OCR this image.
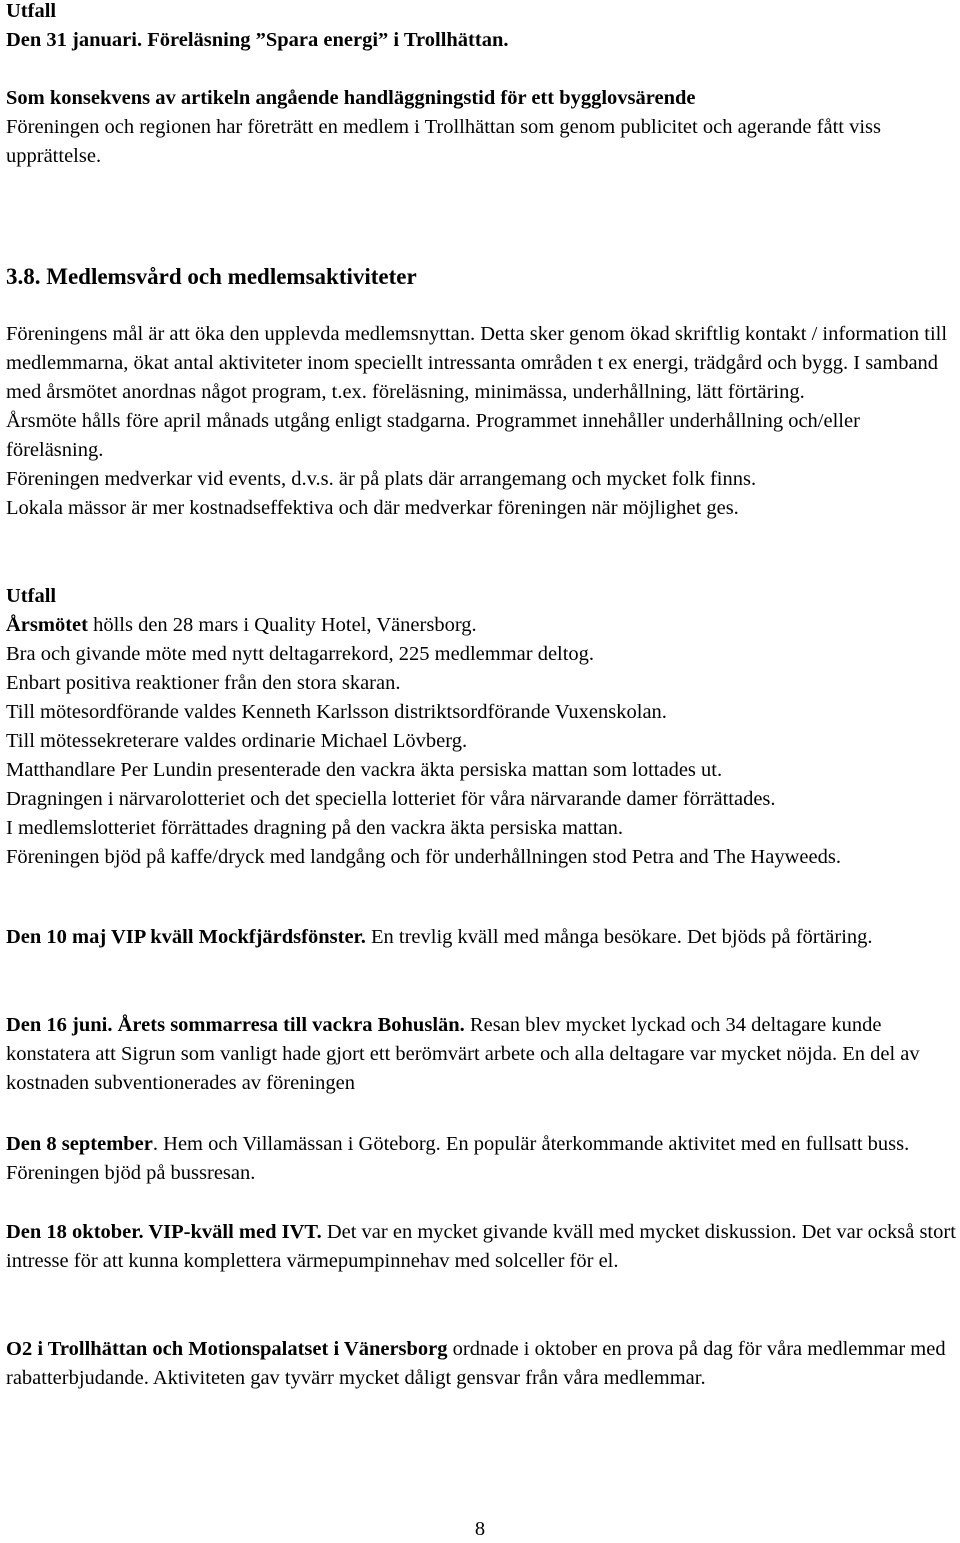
Utfall

Den 31 januari. Föreläsning ”Spara energi” i Trollhättan.

Som konsekvens av artikeln angående handläggningstid för ett bygglovsärende

Föreningen och regionen har företrätt en medlem i Trollhättan som genom publicitet och agerande fått viss upprättelse.

3.8. Medlemsvård och medlemsaktiviteter

Föreningens mål är att öka den upplevda medlemsnyttan. Detta sker genom ökad skriftlig kontakt / information till medlemmarna, ökat antal aktiviteter inom speciellt intressanta områden t ex energi, trädgård och bygg. I samband med årsmötet anordnas något program, t.ex. föreläsning, minimässa, underhållning, lätt förtäring.

Årsmöte hålls före april månads utgång enligt stadgarna. Programmet innehåller underhållning och/eller föreläsning.

Föreningen medverkar vid events, d.v.s. är på plats där arrangemang och mycket folk finns.

Lokala mässor är mer kostnadseffektiva och där medverkar föreningen när möjlighet ges.

Utfall

Årsmötet hölls den 28 mars i Quality Hotel, Vänersborg.

Bra och givande möte med nytt deltagarrekord, 225 medlemmar deltog.

Enbart positiva reaktioner från den stora skaran.

Till mötesordförande valdes Kenneth Karlsson distriktsordförande Vuxenskolan.

Till mötessekreterare valdes ordinarie Michael Lövberg.

Matthandlare Per Lundin presenterade den vackra äkta persiska mattan som lottades ut.

Dragningen i närvarolotteriet och det speciella lotteriet för våra närvarande damer förrättades.

I medlemslotteriet förrättades dragning på den vackra äkta persiska mattan.

Föreningen bjöd på kaffe/dryck med landgång och för underhållningen stod Petra and The Hayweeds.

Den 10 maj VIP kväll Mockfjärdsfönster. En trevlig kväll med många besökare. Det bjöds på förtäring.

Den 16 juni. Årets sommarresa till vackra Bohuslän. Resan blev mycket lyckad och 34 deltagare kunde konstatera att Sigrun som vanligt hade gjort ett berömvärt arbete och alla deltagare var mycket nöjda. En del av kostnaden subventionerades av föreningen

Den 8 september. Hem och Villamässan i Göteborg. En populär återkommande aktivitet med en fullsatt buss. Föreningen bjöd på bussresan.

Den 18 oktober. VIP-kväll med IVT. Det var en mycket givande kväll med mycket diskussion. Det var också stort intresse för att kunna komplettera värmepumpinnehav med solceller för el.

O2 i Trollhättan och Motionspalatset i Vänersborg ordnade i oktober en prova på dag för våra medlemmar med rabatterbjudande. Aktiviteten gav tyvärr mycket dåligt gensvar från våra medlemmar.

8
